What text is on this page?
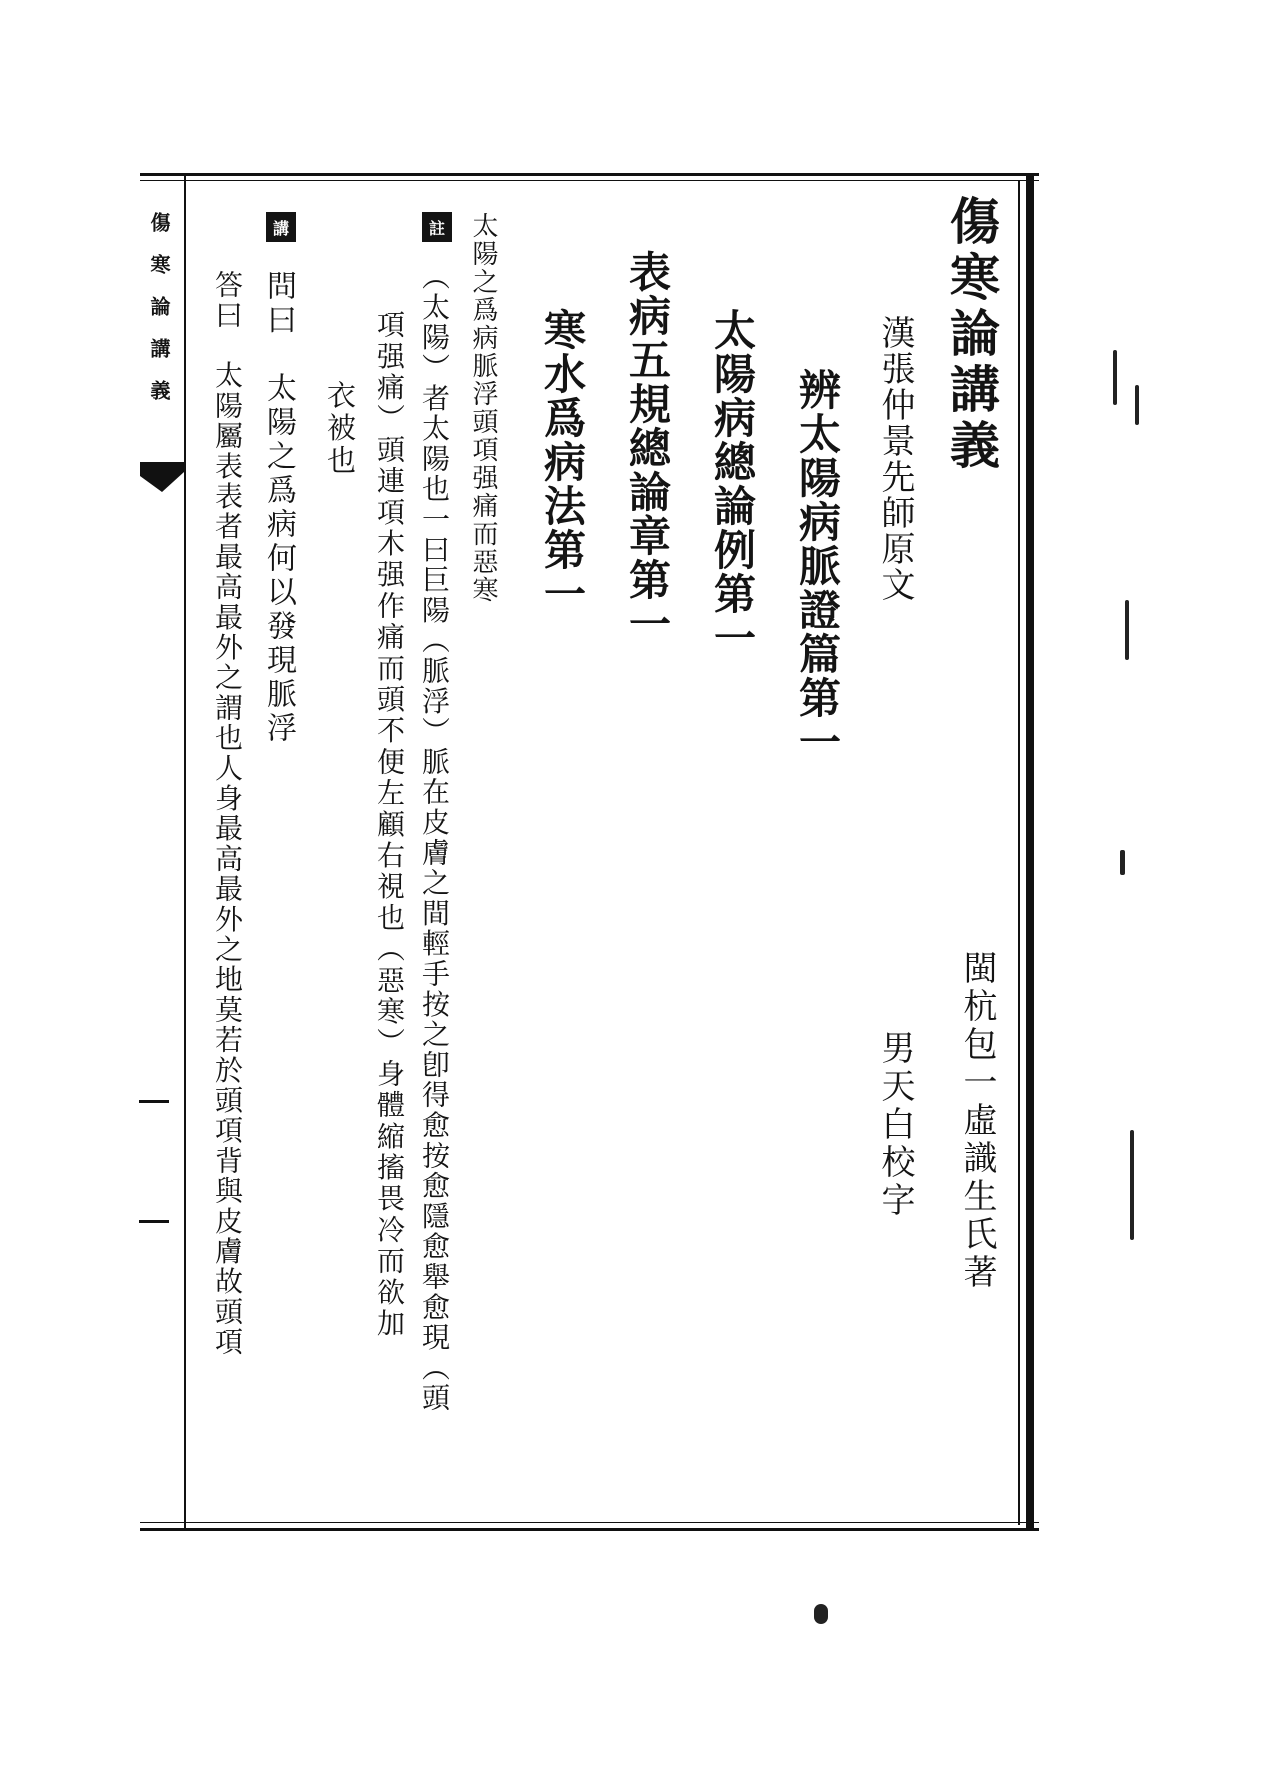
傷寒論講義	傷寒論講義
閩杭包一虛識生氏著
男天白校字
漢張仲景先師原文
辨太陽病脈證篇第一
太陽病總論例第一
表病五規總論章第一
寒水爲病法第一
太陽之爲病脈浮頭項强痛而惡寒
註
（太陽）者太陽也一曰巨陽（脈浮）脈在皮膚之間輕手按之卽得愈按愈隱愈舉愈現（頭
項强痛）頭連項木强作痛而頭不便左顧右視也（惡寒）身體縮搐畏冷而欲加
衣被也
講
問曰　太陽之爲病何以發現脈浮
答曰　太陽屬表表者最高最外之謂也人身最高最外之地莫若於頭項背與皮膚故頭項
